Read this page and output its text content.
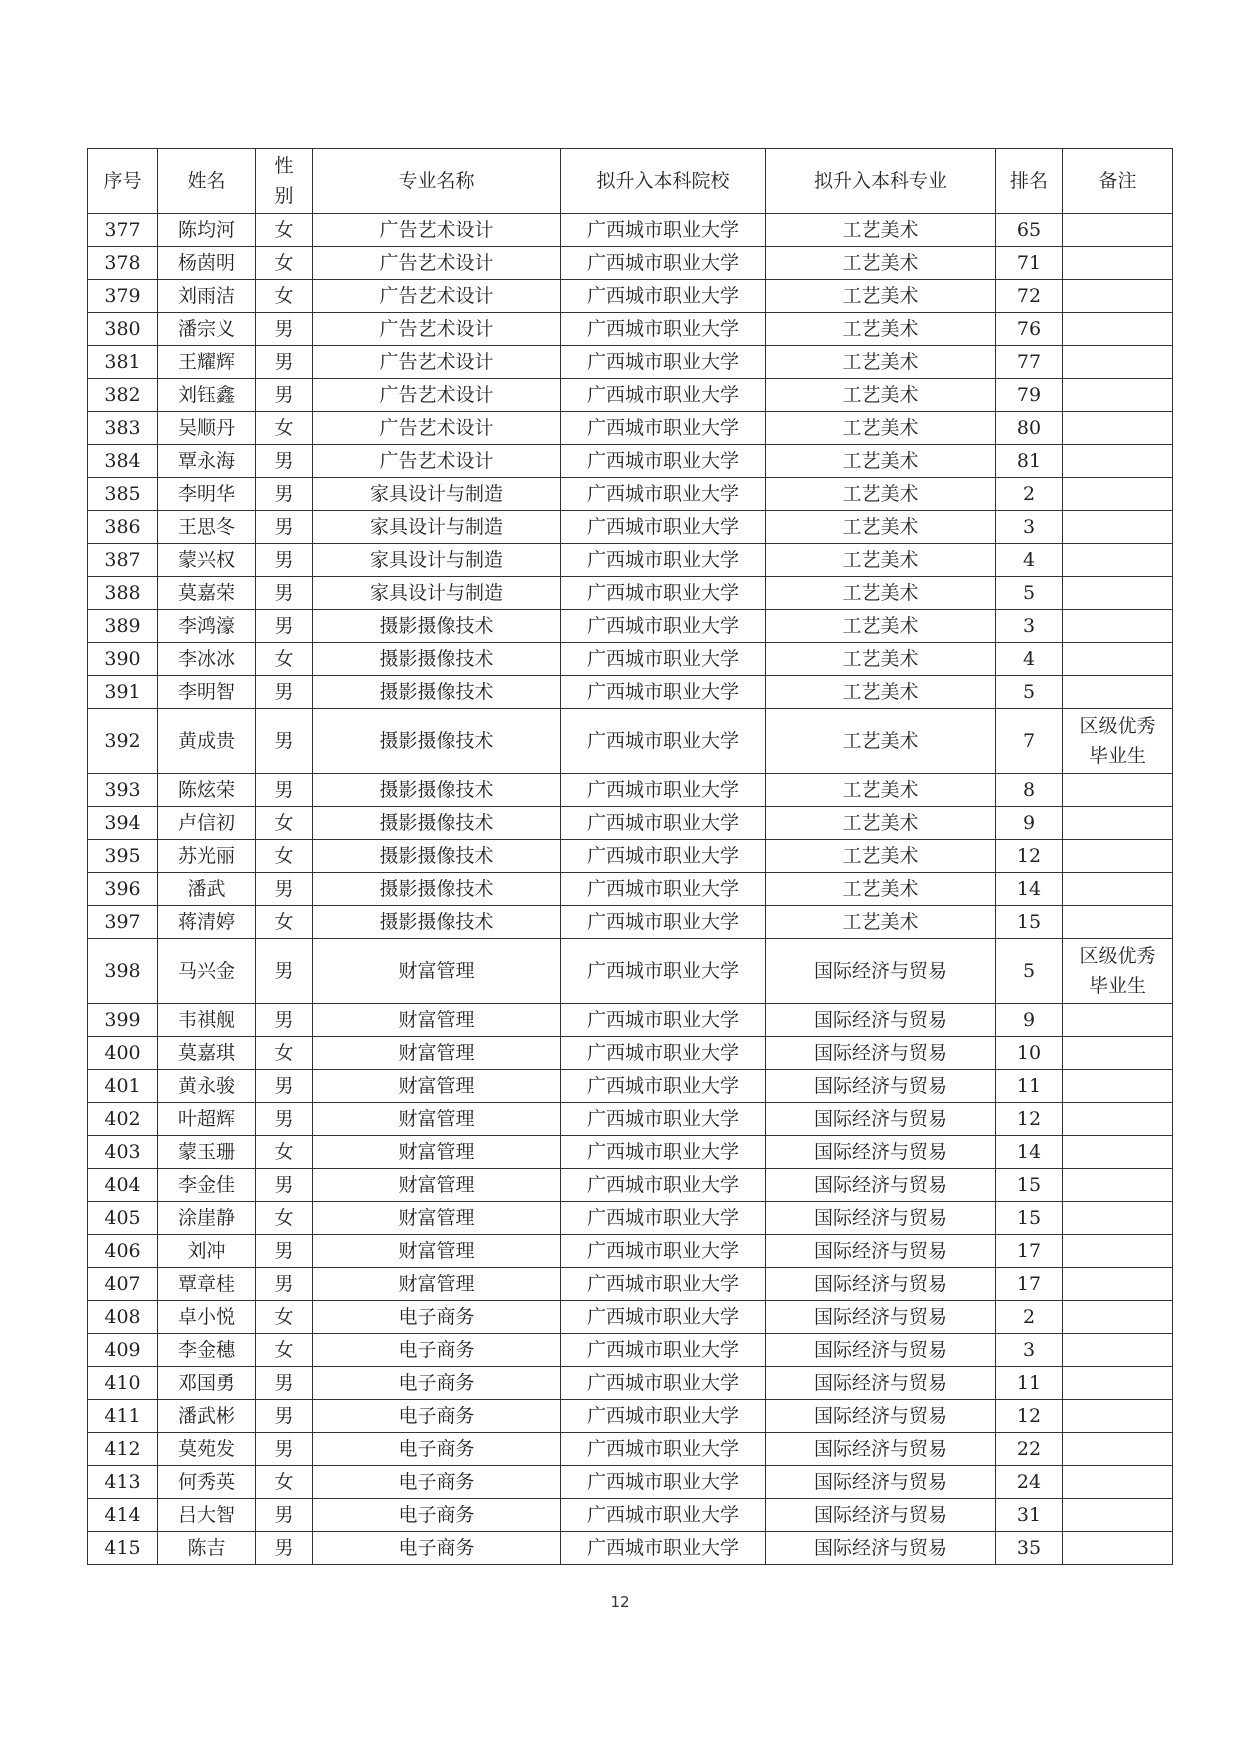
序号	姓名	性别	专业名称	拟升入本科院校	拟升入本科专业	排名	备注
377	陈均河	女	广告艺术设计	广西城市职业大学	工艺美术	65	
378	杨茵明	女	广告艺术设计	广西城市职业大学	工艺美术	71	
379	刘雨洁	女	广告艺术设计	广西城市职业大学	工艺美术	72	
380	潘宗义	男	广告艺术设计	广西城市职业大学	工艺美术	76	
381	王耀辉	男	广告艺术设计	广西城市职业大学	工艺美术	77	
382	刘钰鑫	男	广告艺术设计	广西城市职业大学	工艺美术	79	
383	吴顺丹	女	广告艺术设计	广西城市职业大学	工艺美术	80	
384	覃永海	男	广告艺术设计	广西城市职业大学	工艺美术	81	
385	李明华	男	家具设计与制造	广西城市职业大学	工艺美术	2	
386	王思冬	男	家具设计与制造	广西城市职业大学	工艺美术	3	
387	蒙兴权	男	家具设计与制造	广西城市职业大学	工艺美术	4	
388	莫嘉荣	男	家具设计与制造	广西城市职业大学	工艺美术	5	
389	李鸿濠	男	摄影摄像技术	广西城市职业大学	工艺美术	3	
390	李冰冰	女	摄影摄像技术	广西城市职业大学	工艺美术	4	
391	李明智	男	摄影摄像技术	广西城市职业大学	工艺美术	5	
392	黄成贵	男	摄影摄像技术	广西城市职业大学	工艺美术	7	区级优秀毕业生
393	陈炫荣	男	摄影摄像技术	广西城市职业大学	工艺美术	8	
394	卢信初	女	摄影摄像技术	广西城市职业大学	工艺美术	9	
395	苏光丽	女	摄影摄像技术	广西城市职业大学	工艺美术	12	
396	潘武	男	摄影摄像技术	广西城市职业大学	工艺美术	14	
397	蒋清婷	女	摄影摄像技术	广西城市职业大学	工艺美术	15	
398	马兴金	男	财富管理	广西城市职业大学	国际经济与贸易	5	区级优秀毕业生
399	韦祺舰	男	财富管理	广西城市职业大学	国际经济与贸易	9	
400	莫嘉琪	女	财富管理	广西城市职业大学	国际经济与贸易	10	
401	黄永骏	男	财富管理	广西城市职业大学	国际经济与贸易	11	
402	叶超辉	男	财富管理	广西城市职业大学	国际经济与贸易	12	
403	蒙玉珊	女	财富管理	广西城市职业大学	国际经济与贸易	14	
404	李金佳	男	财富管理	广西城市职业大学	国际经济与贸易	15	
405	涂崖静	女	财富管理	广西城市职业大学	国际经济与贸易	15	
406	刘冲	男	财富管理	广西城市职业大学	国际经济与贸易	17	
407	覃章桂	男	财富管理	广西城市职业大学	国际经济与贸易	17	
408	卓小悦	女	电子商务	广西城市职业大学	国际经济与贸易	2	
409	李金穗	女	电子商务	广西城市职业大学	国际经济与贸易	3	
410	邓国勇	男	电子商务	广西城市职业大学	国际经济与贸易	11	
411	潘武彬	男	电子商务	广西城市职业大学	国际经济与贸易	12	
412	莫苑发	男	电子商务	广西城市职业大学	国际经济与贸易	22	
413	何秀英	女	电子商务	广西城市职业大学	国际经济与贸易	24	
414	吕大智	男	电子商务	广西城市职业大学	国际经济与贸易	31	
415	陈吉	男	电子商务	广西城市职业大学	国际经济与贸易	35	
12
